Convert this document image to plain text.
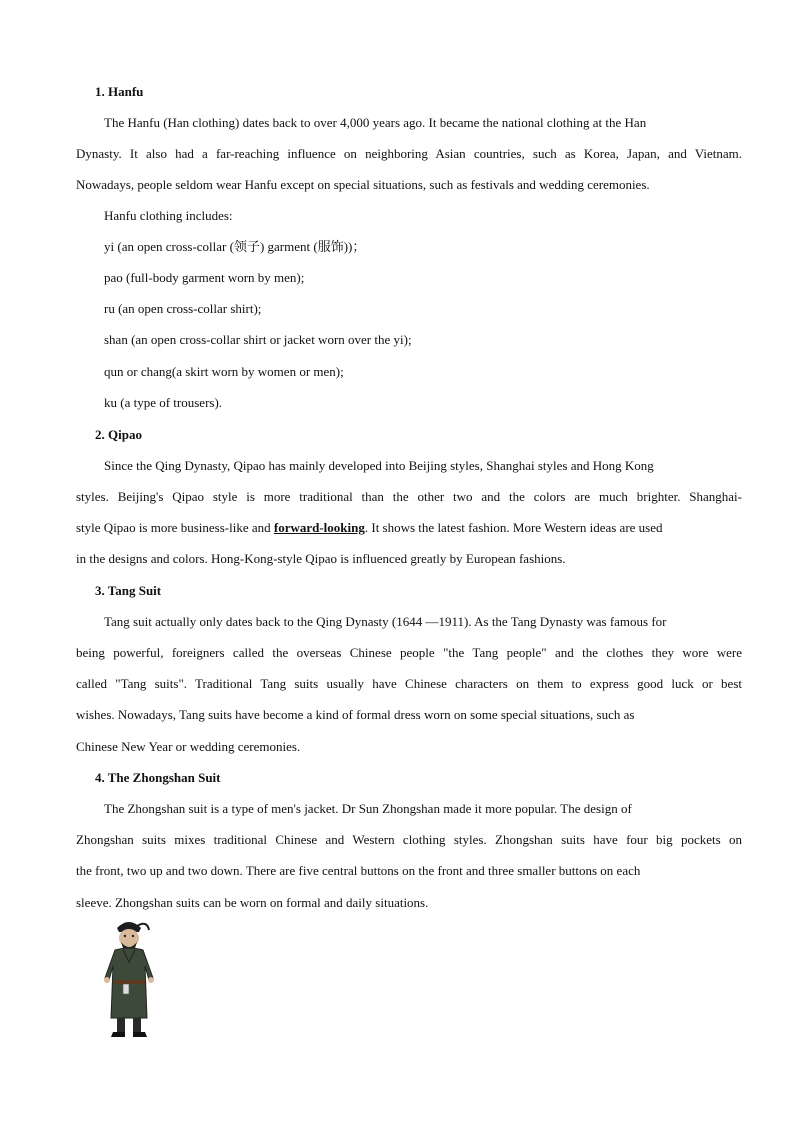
1. Hanfu

The Hanfu (Han clothing) dates back to over 4,000 years ago. It became the national clothing at the Han

Dynasty. It also had a far-reaching influence on neighboring Asian countries, such as Korea, Japan, and Vietnam.

Nowadays, people seldom wear Hanfu except on special situations, such as festivals and wedding ceremonies.

Hanfu clothing includes:

yi (an open cross-collar (领子) garment (服饰))；

pao (full-body garment worn by men);

ru (an open cross-collar shirt);

shan (an open cross-collar shirt or jacket worn over the yi);

qun or chang(a skirt worn by women or men);

ku (a type of trousers).

2. Qipao

Since the Qing Dynasty, Qipao has mainly developed into Beijing styles, Shanghai styles and Hong Kong

styles. Beijing's Qipao style is more traditional than the other two and the colors are much brighter. Shanghai-

style Qipao is more business-like and forward-looking. It shows the latest fashion. More Western ideas are used

in the designs and colors. Hong-Kong-style Qipao is influenced greatly by European fashions.

3. Tang Suit

Tang suit actually only dates back to the Qing Dynasty (1644 —1911). As the Tang Dynasty was famous for

being powerful, foreigners called the overseas Chinese people "the Tang people" and the clothes they wore were

called "Tang suits". Traditional Tang suits usually have Chinese characters on them to express good luck or best

wishes. Nowadays, Tang suits have become a kind of formal dress worn on some special situations, such as

Chinese New Year or wedding ceremonies.

4. The Zhongshan Suit

The Zhongshan suit is a type of men's jacket. Dr Sun Zhongshan made it more popular. The design of

Zhongshan suits mixes traditional Chinese and Western clothing styles. Zhongshan suits have four big pockets on

the front, two up and two down. There are five central buttons on the front and three smaller buttons on each

sleeve. Zhongshan suits can be worn on formal and daily situations.
